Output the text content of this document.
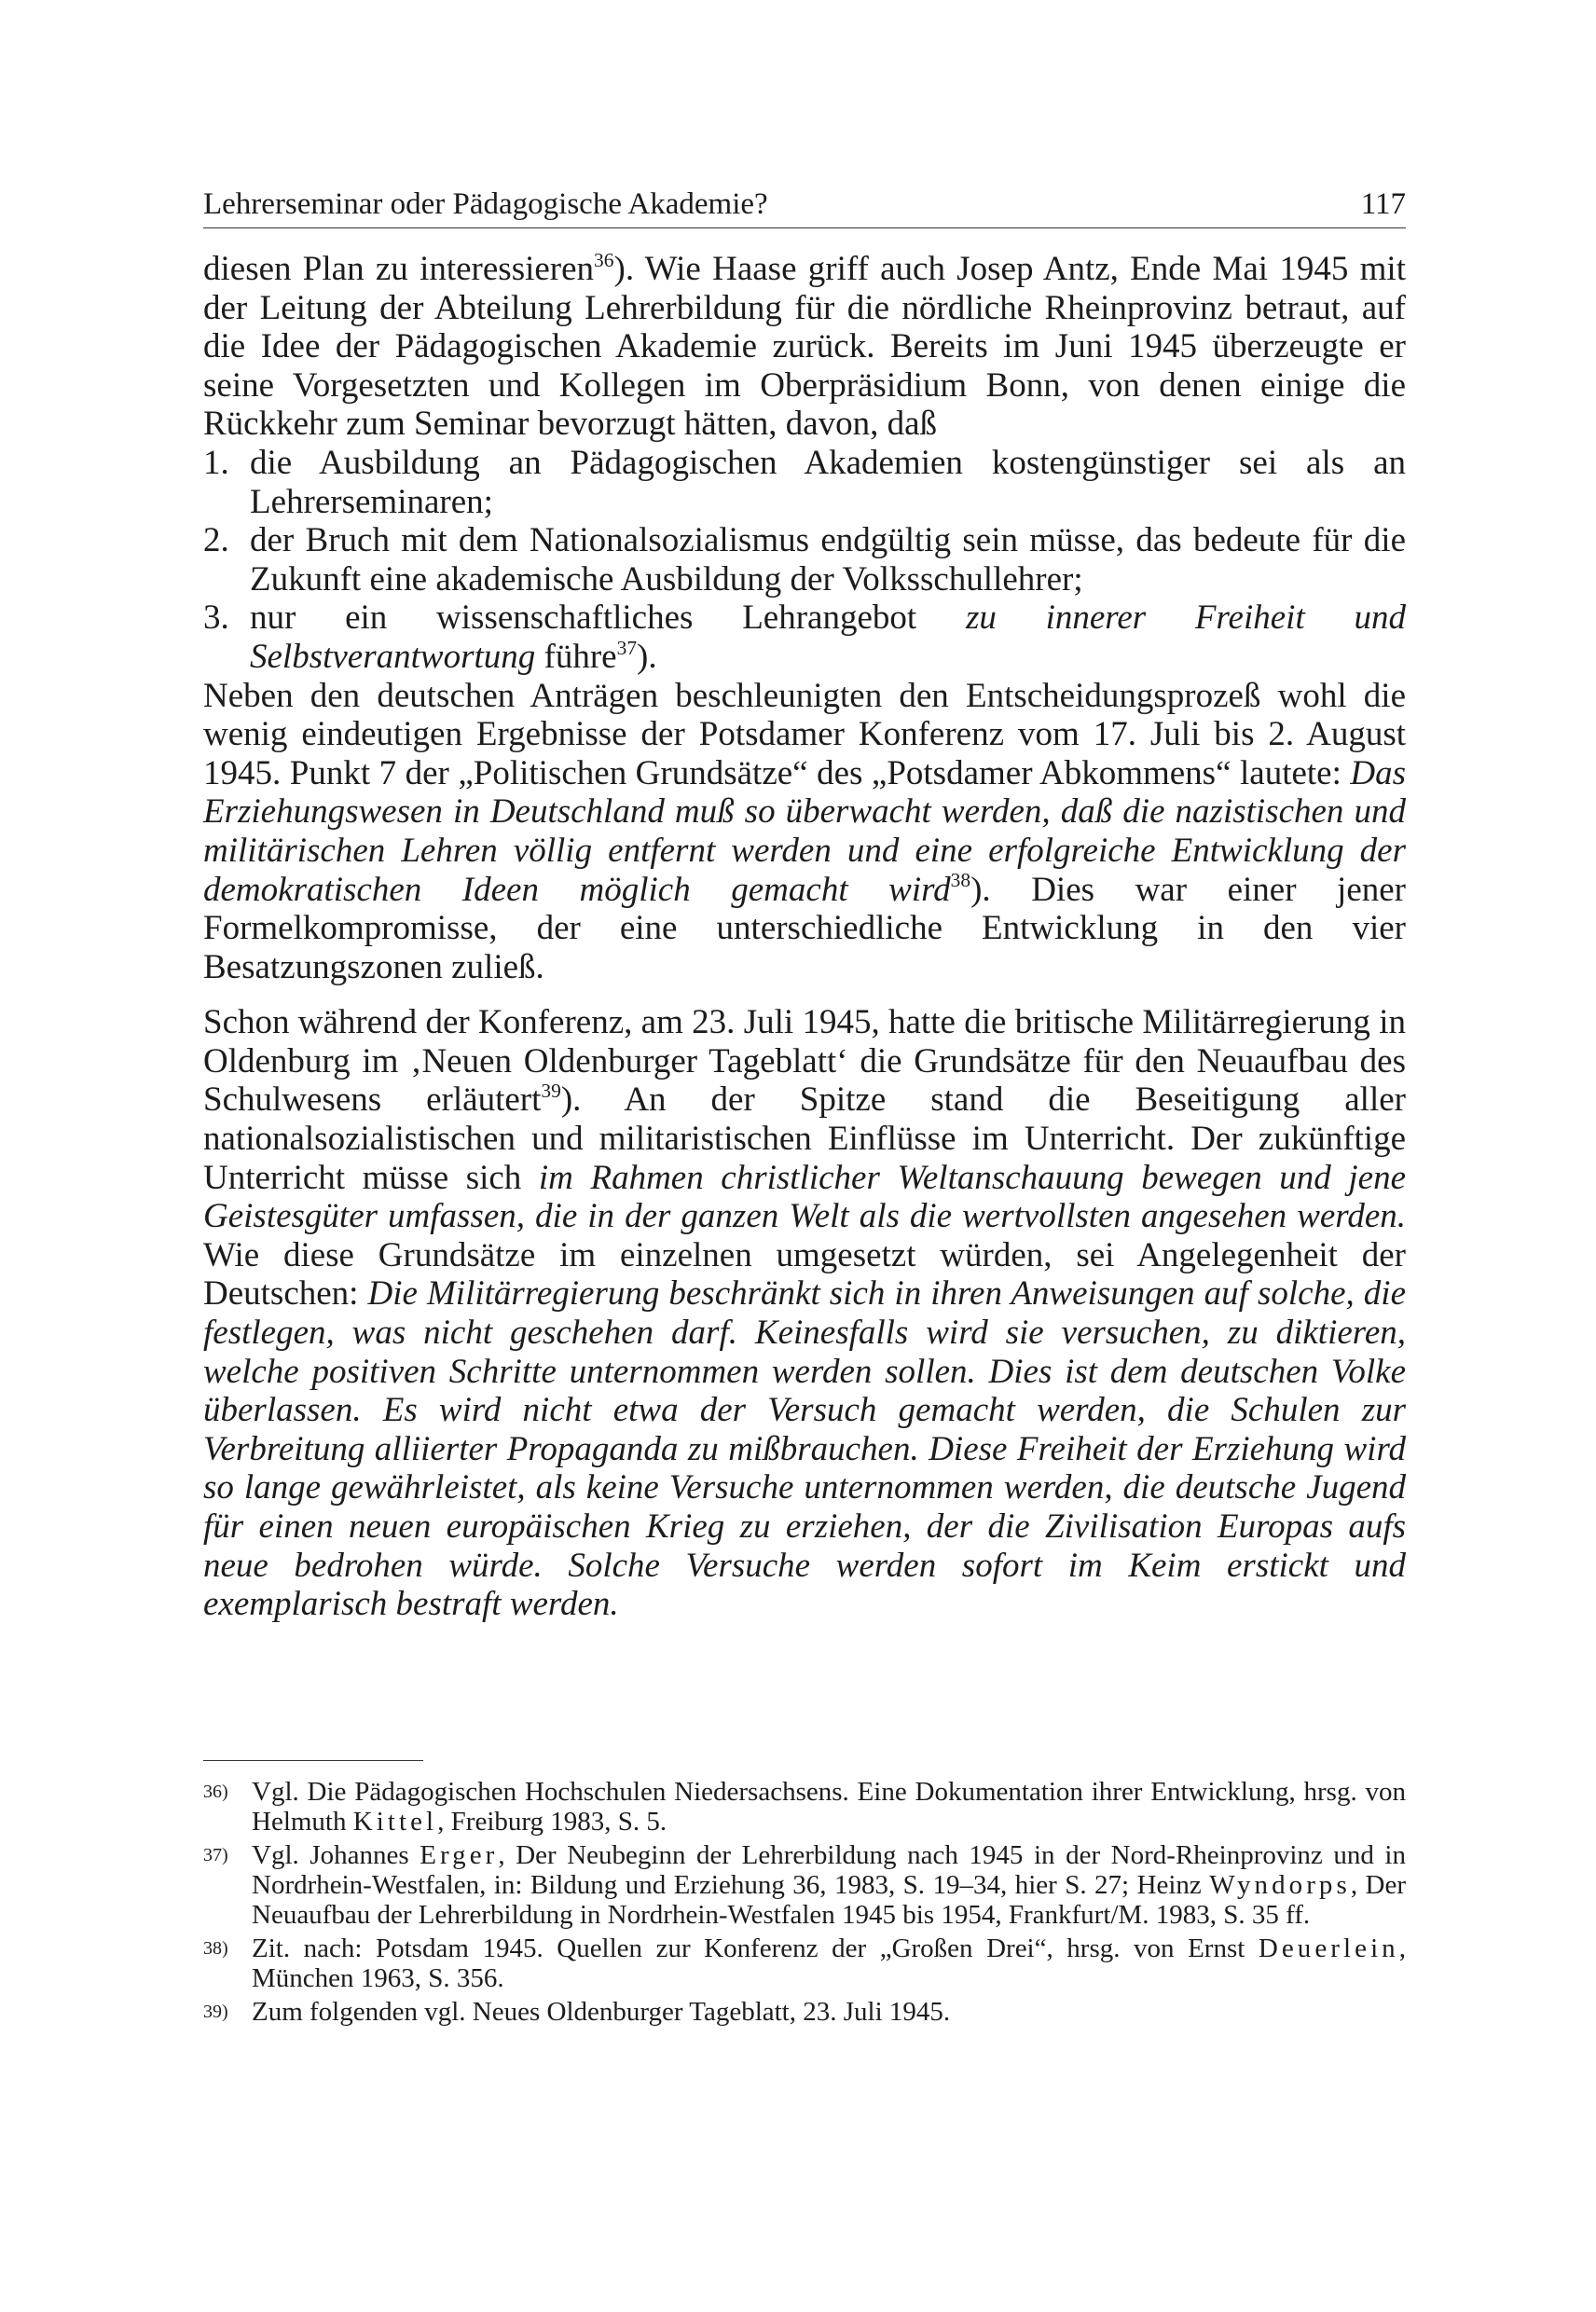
Lehrerseminar oder Pädagogische Akademie?	117

diesen Plan zu interessieren$^{36}$). Wie Haase griff auch Josep Antz, Ende Mai 1945 mit der Leitung der Abteilung Lehrerbildung für die nördliche Rheinprovinz betraut, auf die Idee der Pädagogischen Akademie zurück. Bereits im Juni 1945 überzeugte er seine Vorgesetzten und Kollegen im Oberpräsidium Bonn, von denen einige die Rückkehr zum Seminar bevorzugt hätten, davon, daß

1. die Ausbildung an Pädagogischen Akademien kostengünstiger sei als an Lehrerseminaren;
2. der Bruch mit dem Nationalsozialismus endgültig sein müsse, das bedeute für die Zukunft eine akademische Ausbildung der Volksschullehrer;
3. nur ein wissenschaftliches Lehrangebot zu innerer Freiheit und Selbstverantwortung führe$^{37}$).

Neben den deutschen Anträgen beschleunigten den Entscheidungsprozeß wohl die wenig eindeutigen Ergebnisse der Potsdamer Konferenz vom 17. Juli bis 2. August 1945. Punkt 7 der „Politischen Grundsätze“ des „Potsdamer Abkommens“ lautete: Das Erziehungswesen in Deutschland muß so überwacht werden, daß die nazistischen und militärischen Lehren völlig entfernt werden und eine erfolgreiche Entwicklung der demokratischen Ideen möglich gemacht wird$^{38}$). Dies war einer jener Formelkompromisse, der eine unterschiedliche Entwicklung in den vier Besatzungszonen zuließ.

Schon während der Konferenz, am 23. Juli 1945, hatte die britische Militärregierung in Oldenburg im ‚Neuen Oldenburger Tageblatt‘ die Grundsätze für den Neuaufbau des Schulwesens erläutert$^{39}$). An der Spitze stand die Beseitigung aller nationalsozialistischen und militaristischen Einflüsse im Unterricht. Der zukünftige Unterricht müsse sich im Rahmen christlicher Weltanschauung bewegen und jene Geistesgüter umfassen, die in der ganzen Welt als die wertvollsten angesehen werden. Wie diese Grundsätze im einzelnen umgesetzt würden, sei Angelegenheit der Deutschen: Die Militärregierung beschränkt sich in ihren Anweisungen auf solche, die festlegen, was nicht geschehen darf. Keinesfalls wird sie versuchen, zu diktieren, welche positiven Schritte unternommen werden sollen. Dies ist dem deutschen Volke überlassen. Es wird nicht etwa der Versuch gemacht werden, die Schulen zur Verbreitung alliierter Propaganda zu mißbrauchen. Diese Freiheit der Erziehung wird so lange gewährleistet, als keine Versuche unternommen werden, die deutsche Jugend für einen neuen europäischen Krieg zu erziehen, der die Zivilisation Europas aufs neue bedrohen würde. Solche Versuche werden sofort im Keim erstickt und exemplarisch bestraft werden.

36) Vgl. Die Pädagogischen Hochschulen Niedersachsens. Eine Dokumentation ihrer Entwicklung, hrsg. von Helmuth Kittel, Freiburg 1983, S. 5.

37) Vgl. Johannes Erger, Der Neubeginn der Lehrerbildung nach 1945 in der Nord-Rheinprovinz und in Nordrhein-Westfalen, in: Bildung und Erziehung 36, 1983, S. 19–34, hier S. 27; Heinz Wyndorps, Der Neuaufbau der Lehrerbildung in Nordrhein-Westfalen 1945 bis 1954, Frankfurt/M. 1983, S. 35 ff.

38) Zit. nach: Potsdam 1945. Quellen zur Konferenz der „Großen Drei“, hrsg. von Ernst Deuerlein, München 1963, S. 356.

39) Zum folgenden vgl. Neues Oldenburger Tageblatt, 23. Juli 1945.
